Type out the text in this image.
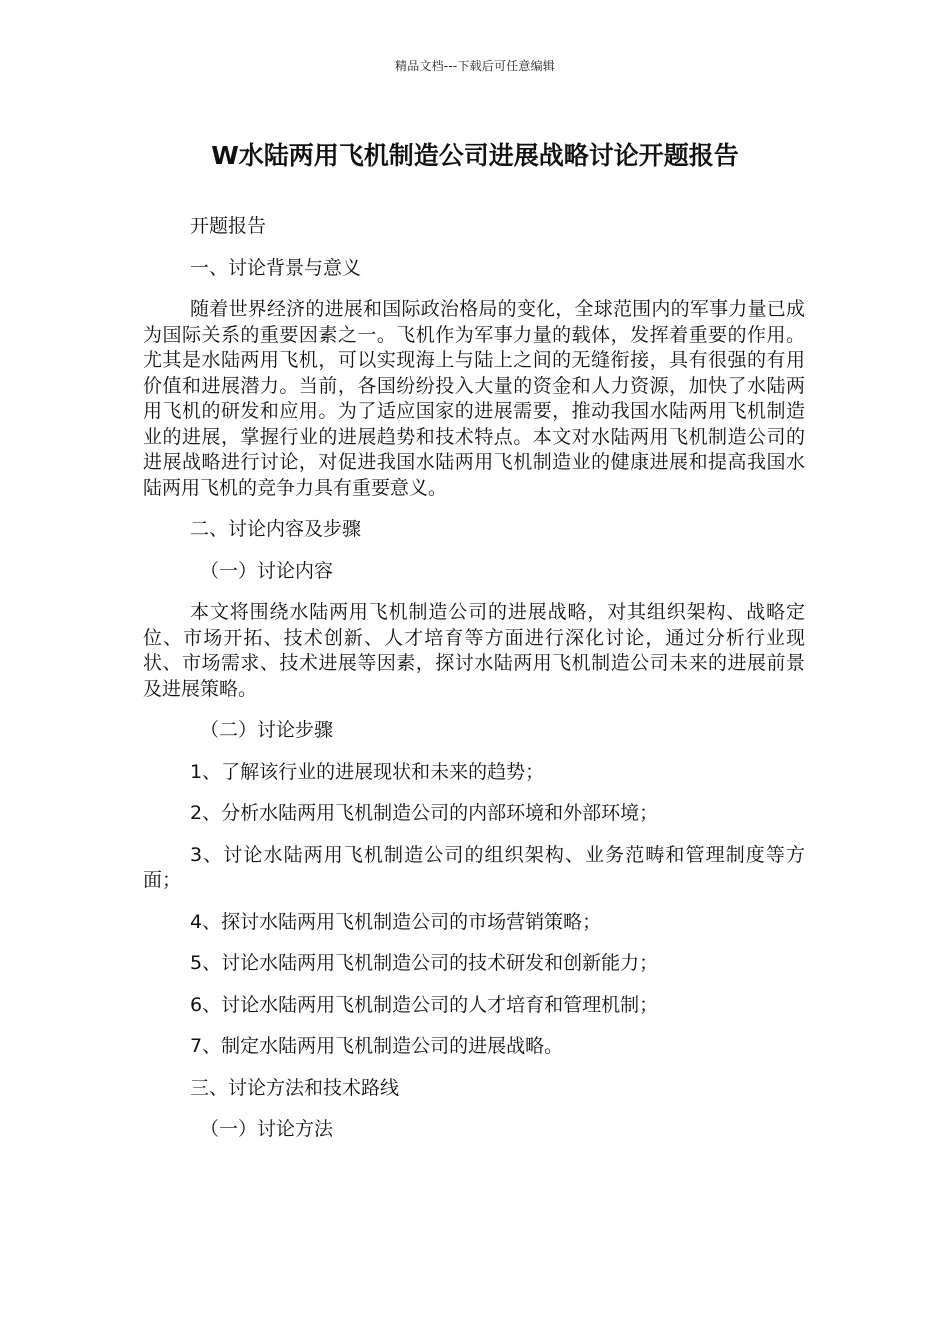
精品文档---下载后可任意编辑
W水陆两用飞机制造公司进展战略讨论开题报告

开题报告

一、讨论背景与意义

随着世界经济的进展和国际政治格局的变化，全球范围内的军事力量已成为国际关系的重要因素之一。飞机作为军事力量的载体，发挥着重要的作用。尤其是水陆两用飞机，可以实现海上与陆上之间的无缝衔接，具有很强的有用价值和进展潜力。当前，各国纷纷投入大量的资金和人力资源，加快了水陆两用飞机的研发和应用。为了适应国家的进展需要，推动我国水陆两用飞机制造业的进展，掌握行业的进展趋势和技术特点。本文对水陆两用飞机制造公司的进展战略进行讨论，对促进我国水陆两用飞机制造业的健康进展和提高我国水陆两用飞机的竞争力具有重要意义。

二、讨论内容及步骤

（一）讨论内容

本文将围绕水陆两用飞机制造公司的进展战略，对其组织架构、战略定位、市场开拓、技术创新、人才培育等方面进行深化讨论，通过分析行业现状、市场需求、技术进展等因素，探讨水陆两用飞机制造公司未来的进展前景及进展策略。

（二）讨论步骤

1、了解该行业的进展现状和未来的趋势；

2、分析水陆两用飞机制造公司的内部环境和外部环境；

3、讨论水陆两用飞机制造公司的组织架构、业务范畴和管理制度等方面；

4、探讨水陆两用飞机制造公司的市场营销策略；

5、讨论水陆两用飞机制造公司的技术研发和创新能力；

6、讨论水陆两用飞机制造公司的人才培育和管理机制；

7、制定水陆两用飞机制造公司的进展战略。

三、讨论方法和技术路线

（一）讨论方法
